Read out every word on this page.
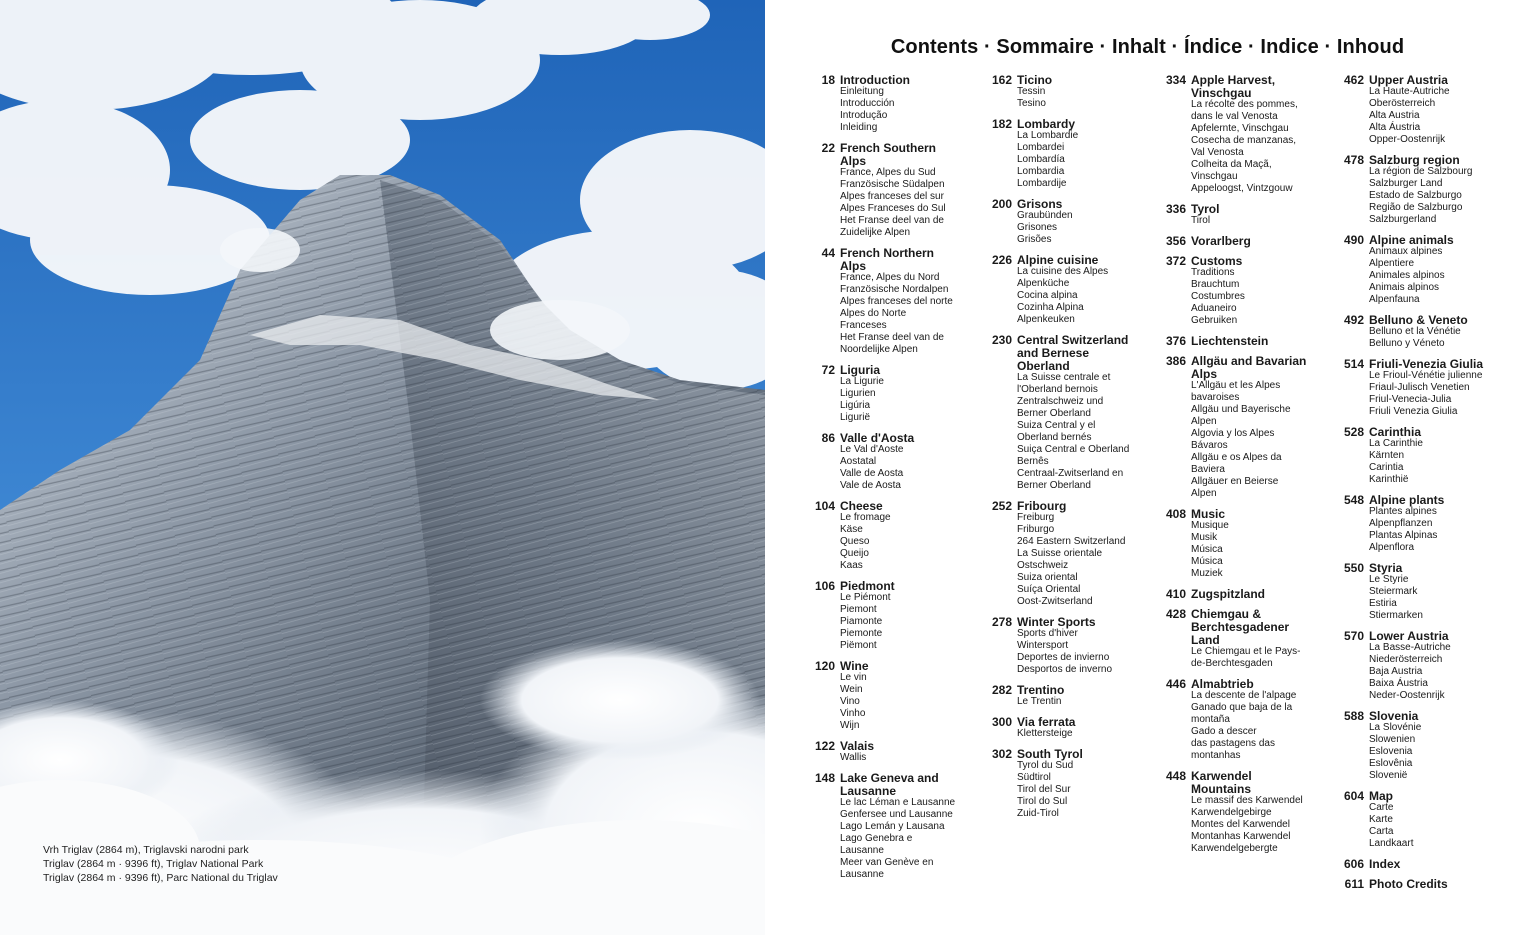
Vrh Triglav (2864 m), Triglavski narodni park
Triglav (2864 m · 9396 ft), Triglav National Park
Triglav (2864 m · 9396 ft), Parc National du Triglav
Contents · Sommaire · Inhalt · Índice · Indice · Inhoud
18 Introduction
Einleitung
Introducción
Introdução
Inleiding
22 French Southern
Alps
France, Alpes du Sud
Französische Südalpen
Alpes franceses del sur
Alpes Franceses do Sul
Het Franse deel van de
Zuidelijke Alpen
44 French Northern
Alps
France, Alpes du Nord
Französische Nordalpen
Alpes franceses del norte
Alpes do Norte
Franceses
Het Franse deel van de
Noordelijke Alpen
72 Liguria
La Ligurie
Ligurien
Ligúria
Ligurië
86 Valle d'Aosta
Le Val d'Aoste
Aostatal
Valle de Aosta
Vale de Aosta
104 Cheese
Le fromage
Käse
Queso
Queijo
Kaas
106 Piedmont
Le Piémont
Piemont
Piamonte
Piemonte
Piëmont
120 Wine
Le vin
Wein
Vino
Vinho
Wijn
122 Valais
Wallis
148 Lake Geneva and
Lausanne
Le lac Léman e Lausanne
Genfersee und Lausanne
Lago Lemán y Lausana
Lago Genebra e
Lausanne
Meer van Genève en
Lausanne
162 Ticino
Tessin
Tesino
182 Lombardy
La Lombardie
Lombardei
Lombardía
Lombardia
Lombardije
200 Grisons
Graubünden
Grisones
Grisões
226 Alpine cuisine
La cuisine des Alpes
Alpenküche
Cocina alpina
Cozinha Alpina
Alpenkeuken
230 Central Switzerland
and Bernese
Oberland
La Suisse centrale et
l'Oberland bernois
Zentralschweiz und
Berner Oberland
Suiza Central y el
Oberland bernés
Suiça Central e Oberland
Bernês
Centraal-Zwitserland en
Berner Oberland
252 Fribourg
Freiburg
Friburgo
264 Eastern Switzerland
La Suisse orientale
Ostschweiz
Suiza oriental
Suíça Oriental
Oost-Zwitserland
278 Winter Sports
Sports d'hiver
Wintersport
Deportes de invierno
Desportos de inverno
282 Trentino
Le Trentin
300 Via ferrata
Klettersteige
302 South Tyrol
Tyrol du Sud
Südtirol
Tirol del Sur
Tirol do Sul
Zuid-Tirol
334 Apple Harvest,
Vinschgau
La récolte des pommes,
dans le val Venosta
Apfelernte, Vinschgau
Cosecha de manzanas,
Val Venosta
Colheita da Maçã,
Vinschgau
Appeloogst, Vintzgouw
336 Tyrol
Tirol
356 Vorarlberg
372 Customs
Traditions
Brauchtum
Costumbres
Aduaneiro
Gebruiken
376 Liechtenstein
386 Allgäu and Bavarian
Alps
L'Allgäu et les Alpes
bavaroises
Allgäu und Bayerische
Alpen
Algovia y los Alpes
Bávaros
Allgäu e os Alpes da
Baviera
Allgäuer en Beierse
Alpen
408 Music
Musique
Musik
Música
Música
Muziek
410 Zugspitzland
428 Chiemgau &
Berchtesgadener
Land
Le Chiemgau et le Pays-
de-Berchtesgaden
446 Almabtrieb
La descente de l'alpage
Ganado que baja de la
montaña
Gado a descer
das pastagens das
montanhas
448 Karwendel
Mountains
Le massif des Karwendel
Karwendelgebirge
Montes del Karwendel
Montanhas Karwendel
Karwendelgebergte
462 Upper Austria
La Haute-Autriche
Oberösterreich
Alta Austria
Alta Áustria
Opper-Oostenrijk
478 Salzburg region
La région de Salzbourg
Salzburger Land
Estado de Salzburgo
Região de Salzburgo
Salzburgerland
490 Alpine animals
Animaux alpines
Alpentiere
Animales alpinos
Animais alpinos
Alpenfauna
492 Belluno & Veneto
Belluno et la Vénétie
Belluno y Véneto
514 Friuli-Venezia Giulia
Le Frioul-Vénétie julienne
Friaul-Julisch Venetien
Friul-Venecia-Julia
Friuli Venezia Giulia
528 Carinthia
La Carinthie
Kärnten
Carintia
Karinthië
548 Alpine plants
Plantes alpines
Alpenpflanzen
Plantas Alpinas
Alpenflora
550 Styria
Le Styrie
Steiermark
Estiria
Stiermarken
570 Lower Austria
La Basse-Autriche
Niederösterreich
Baja Austria
Baixa Áustria
Neder-Oostenrijk
588 Slovenia
La Slovénie
Slowenien
Eslovenia
Eslovênia
Slovenië
604 Map
Carte
Karte
Carta
Landkaart
606 Index
611 Photo Credits
